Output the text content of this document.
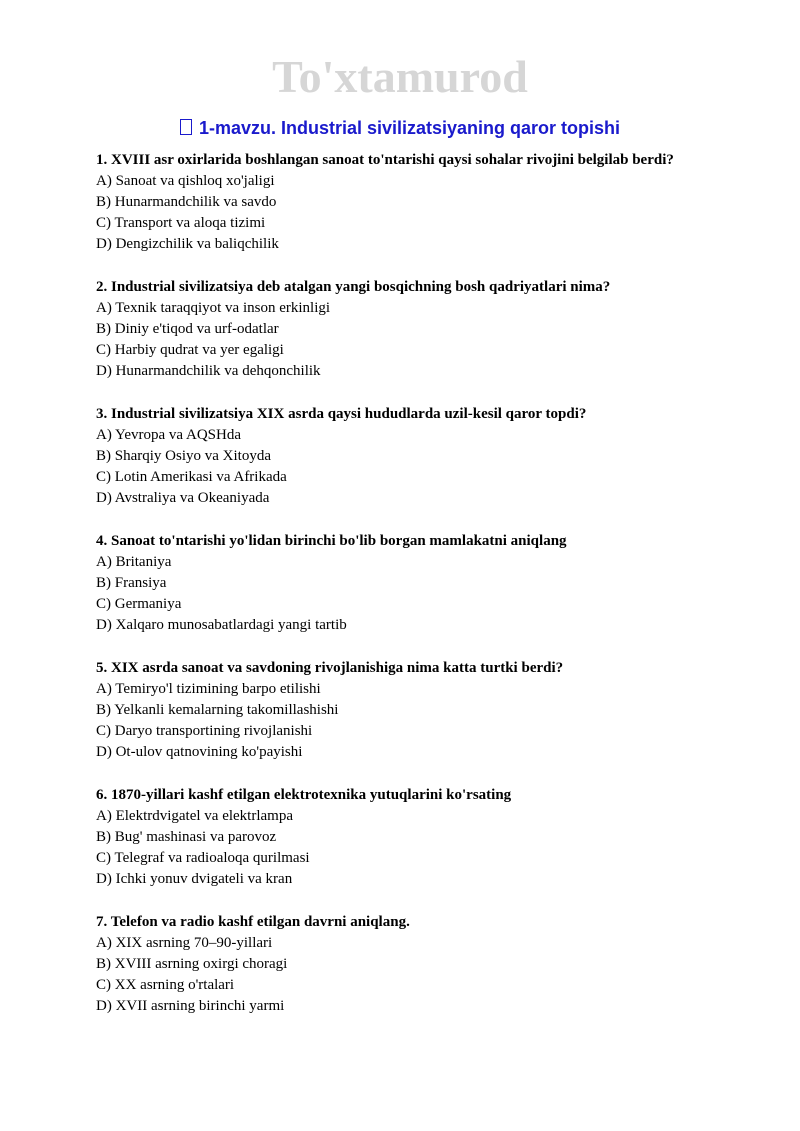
To'xtamurod
1-mavzu. Industrial sivilizatsiyaning qaror topishi
1. XVIII asr oxirlarida boshlangan sanoat to'ntarishi qaysi sohalar rivojini belgilab berdi?
A) Sanoat va qishloq xo'jaligi
B) Hunarmandchilik va savdo
C) Transport va aloqa tizimi
D) Dengizchilik va baliqchilik
2. Industrial sivilizatsiya deb atalgan yangi bosqichning bosh qadriyatlari nima?
A) Texnik taraqqiyot va inson erkinligi
B) Diniy e'tiqod va urf-odatlar
C) Harbiy qudrat va yer egaligi
D) Hunarmandchilik va dehqonchilik
3. Industrial sivilizatsiya XIX asrda qaysi hududlarda uzil-kesil qaror topdi?
A) Yevropa va AQSHda
B) Sharqiy Osiyo va Xitoyda
C) Lotin Amerikasi va Afrikada
D) Avstraliya va Okeaniyada
4. Sanoat to'ntarishi yo'lidan birinchi bo'lib borgan mamlakatni aniqlang
A) Britaniya
B) Fransiya
C) Germaniya
D) Xalqaro munosabatlardagi yangi tartib
5. XIX asrda sanoat va savdoning rivojlanishiga nima katta turtki berdi?
A) Temiryo'l tizimining barpo etilishi
B) Yelkanli kemalarning takomillashishi
C) Daryo transportining rivojlanishi
D) Ot-ulov qatnovining ko'payishi
6. 1870-yillari kashf etilgan elektrotexnika yutuqlarini ko'rsating
A) Elektrdvigatel va elektrlampa
B) Bug' mashinasi va parovoz
C) Telegraf va radioaloqa qurilmasi
D) Ichki yonuv dvigateli va kran
7. Telefon va radio kashf etilgan davrni aniqlang.
A) XIX asrning 70–90-yillari
B) XVIII asrning oxirgi choragi
C) XX asrning o'rtalari
D) XVII asrning birinchi yarmi
